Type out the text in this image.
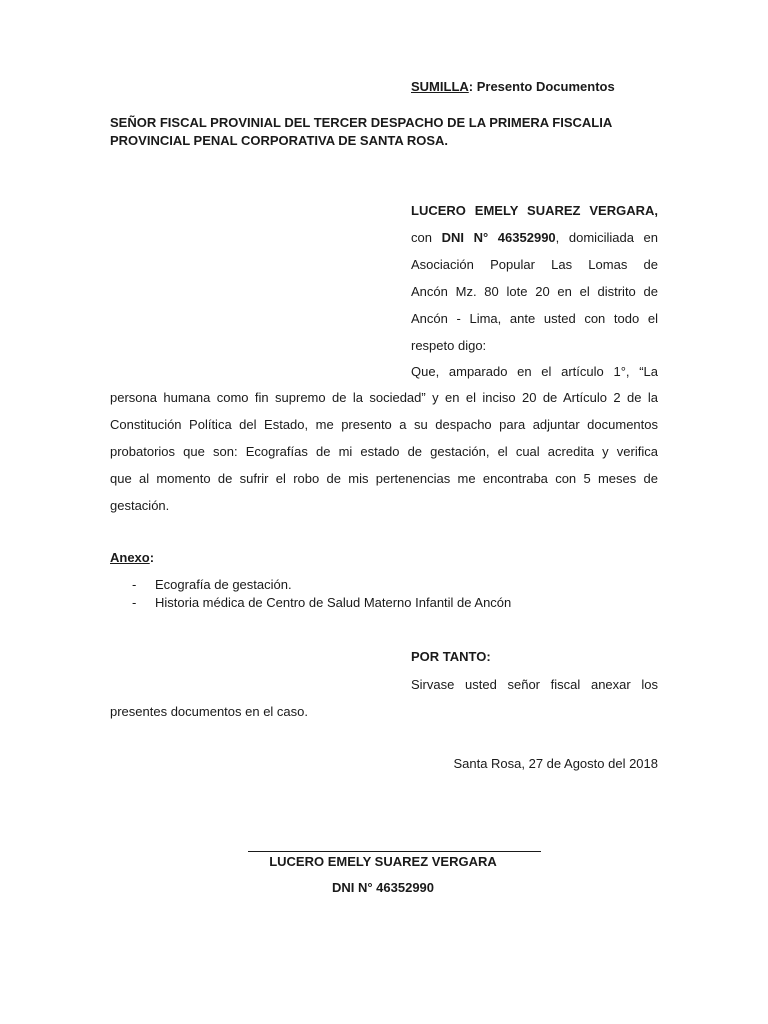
SUMILLA: Presento Documentos
SEÑOR FISCAL PROVINIAL DEL TERCER DESPACHO DE LA PRIMERA FISCALIA
PROVINCIAL PENAL CORPORATIVA DE SANTA ROSA.
LUCERO EMELY SUAREZ VERGARA,
con DNI N° 46352990, domiciliada en
Asociación Popular Las Lomas de
Ancón Mz. 80 lote 20 en el distrito de
Ancón - Lima, ante usted con todo el
respeto digo:
Que, amparado en el artículo 1°, “La
persona humana como fin supremo de la sociedad” y en el inciso 20 de Artículo 2 de la
Constitución Política del Estado, me presento a su despacho para adjuntar documentos
probatorios que son: Ecografías de mi estado de gestación, el cual acredita y verifica
que al momento de sufrir el robo de mis pertenencias me encontraba con 5 meses de
gestación.
Anexo:
- Ecografía de gestación.
- Historia médica de Centro de Salud Materno Infantil de Ancón
POR TANTO:
Sirvase usted señor fiscal anexar los
presentes documentos en el caso.
Santa Rosa, 27 de Agosto del 2018
LUCERO EMELY SUAREZ VERGARA
DNI N° 46352990
